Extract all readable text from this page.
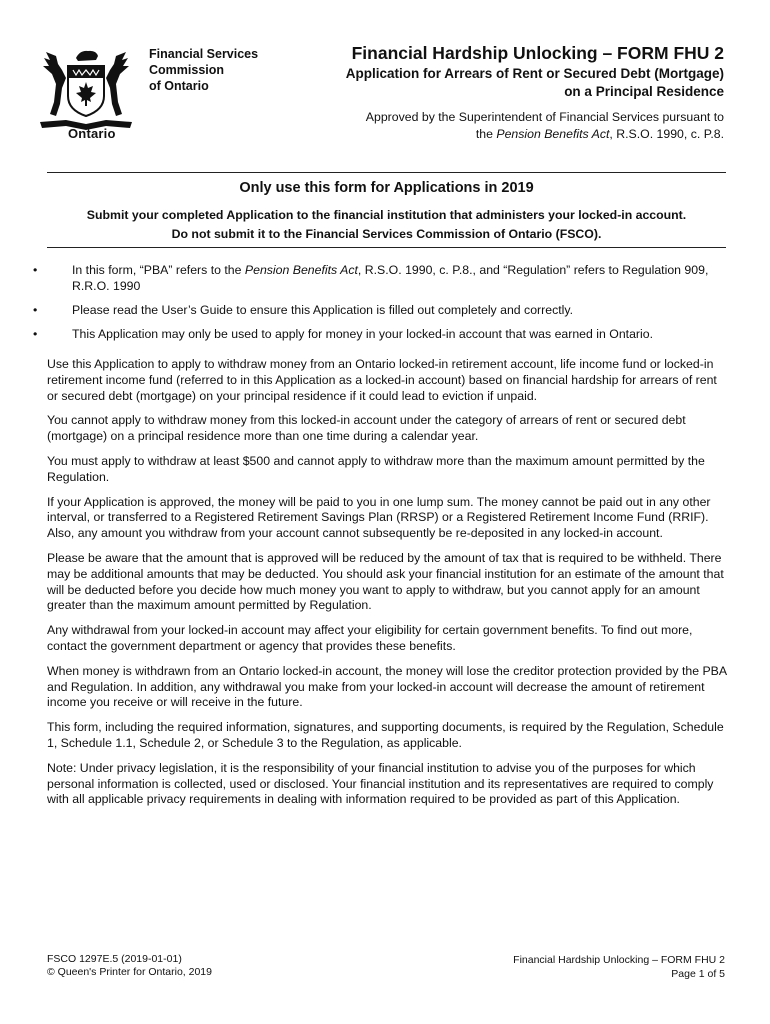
Ontario
Financial Services
Commission
of Ontario
Financial Hardship Unlocking – FORM FHU 2
Application for Arrears of Rent or Secured Debt (Mortgage)
on a Principal Residence
Approved by the Superintendent of Financial Services pursuant to
the Pension Benefits Act, R.S.O. 1990, c. P.8.
Only use this form for Applications in 2019
Submit your completed Application to the financial institution that administers your locked-in account.
Do not submit it to the Financial Services Commission of Ontario (FSCO).
•	In this form, “PBA” refers to the Pension Benefits Act, R.S.O. 1990, c. P.8., and “Regulation” refers to Regulation 909, R.R.O. 1990
•	Please read the User’s Guide to ensure this Application is filled out completely and correctly.
•	This Application may only be used to apply for money in your locked-in account that was earned in Ontario.

Use this Application to apply to withdraw money from an Ontario locked-in retirement account, life income fund or locked-in retirement income fund (referred to in this Application as a locked-in account) based on financial hardship for arrears of rent or secured debt (mortgage) on your principal residence if it could lead to eviction if unpaid.

You cannot apply to withdraw money from this locked-in account under the category of arrears of rent or secured debt (mortgage) on a principal residence more than one time during a calendar year.

You must apply to withdraw at least $500 and cannot apply to withdraw more than the maximum amount permitted by the Regulation.

If your Application is approved, the money will be paid to you in one lump sum. The money cannot be paid out in any other interval, or transferred to a Registered Retirement Savings Plan (RRSP) or a Registered Retirement Income Fund (RRIF). Also, any amount you withdraw from your account cannot subsequently be re-deposited in any locked-in account.

Please be aware that the amount that is approved will be reduced by the amount of tax that is required to be withheld. There may be additional amounts that may be deducted. You should ask your financial institution for an estimate of the amount that will be deducted before you decide how much money you want to apply to withdraw, but you cannot apply for an amount greater than the maximum amount permitted by Regulation.

Any withdrawal from your locked-in account may affect your eligibility for certain government benefits. To find out more, contact the government department or agency that provides these benefits.

When money is withdrawn from an Ontario locked-in account, the money will lose the creditor protection provided by the PBA and Regulation. In addition, any withdrawal you make from your locked-in account will decrease the amount of retirement income you receive or will receive in the future.

This form, including the required information, signatures, and supporting documents, is required by the Regulation, Schedule 1, Schedule 1.1, Schedule 2, or Schedule 3 to the Regulation, as applicable.

Note: Under privacy legislation, it is the responsibility of your financial institution to advise you of the purposes for which personal information is collected, used or disclosed. Your financial institution and its representatives are required to comply with all applicable privacy requirements in dealing with information required to be provided as part of this Application.

FSCO 1297E.5 (2019-01-01)
© Queen's Printer for Ontario, 2019
Financial Hardship Unlocking – FORM FHU 2
Page 1 of 5
